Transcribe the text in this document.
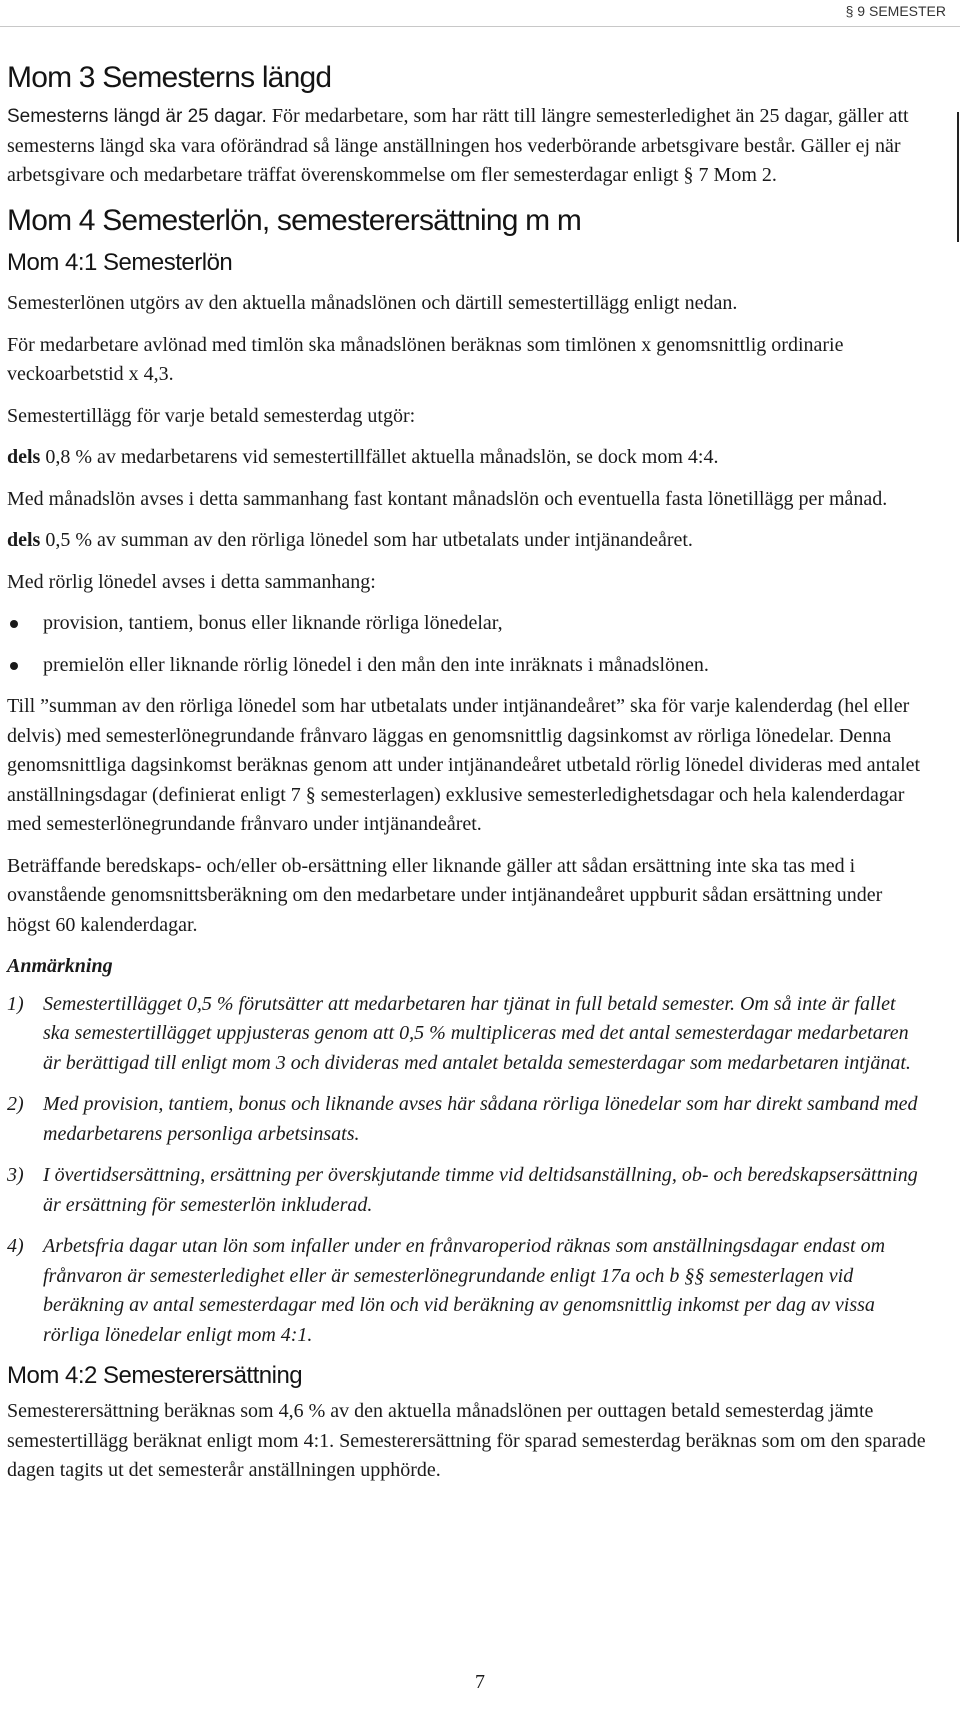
§ 9 SEMESTER
Mom 3 Semesterns längd

Semesterns längd är 25 dagar. För medarbetare, som har rätt till längre semesterledighet än 25 dagar, gäller att semesterns längd ska vara oförändrad så länge anställningen hos vederbörande arbetsgivare består. Gäller ej när arbetsgivare och medarbetare träffat överenskommelse om fler semesterdagar enligt § 7 Mom 2.

Mom 4 Semesterlön, semesterersättning m m
Mom 4:1 Semesterlön

Semesterlönen utgörs av den aktuella månadslönen och därtill semestertillägg enligt nedan.

För medarbetare avlönad med timlön ska månadslönen beräknas som timlönen x genomsnittlig ordinarie veckoarbetstid x 4,3.

Semestertillägg för varje betald semesterdag utgör:

dels 0,8 % av medarbetarens vid semestertillfället aktuella månadslön, se dock mom 4:4.

Med månadslön avses i detta sammanhang fast kontant månadslön och eventuella fasta lönetillägg per månad.

dels 0,5 % av summan av den rörliga lönedel som har utbetalats under intjänandeåret.

Med rörlig lönedel avses i detta sammanhang:

provision, tantiem, bonus eller liknande rörliga lönedelar,
premielön eller liknande rörlig lönedel i den mån den inte inräknats i månadslönen.

Till ”summan av den rörliga lönedel som har utbetalats under intjänandeåret” ska för varje kalenderdag (hel eller delvis) med semesterlönegrundande frånvaro läggas en genomsnittlig dagsinkomst av rörliga lönedelar. Denna genomsnittliga dagsinkomst beräknas genom att under intjänandeåret utbetald rörlig lönedel divideras med antalet anställningsdagar (definierat enligt 7 § semesterlagen) exklusive semesterledighetsdagar och hela kalenderdagar med semesterlönegrundande frånvaro under intjänandeåret.

Beträffande beredskaps- och/eller ob-ersättning eller liknande gäller att sådan ersättning inte ska tas med i ovanstående genomsnittsberäkning om den medarbetare under intjänandeåret uppburit sådan ersättning under högst 60 kalenderdagar.

Anmärkning
1) Semestertillägget 0,5 % förutsätter att medarbetaren har tjänat in full betald semester. Om så inte är fallet ska semestertillägget uppjusteras genom att 0,5 % multipliceras med det antal semesterdagar medarbetaren är berättigad till enligt mom 3 och divideras med antalet betalda semesterdagar som medarbetaren intjänat.
2) Med provision, tantiem, bonus och liknande avses här sådana rörliga lönedelar som har direkt samband med medarbetarens personliga arbetsinsats.
3) I övertidsersättning, ersättning per överskjutande timme vid deltidsanställning, ob- och beredskapsersättning är ersättning för semesterlön inkluderad.
4) Arbetsfria dagar utan lön som infaller under en frånvaroperiod räknas som anställningsdagar endast om frånvaron är semesterledighet eller är semesterlönegrundande enligt 17a och b §§ semesterlagen vid beräkning av antal semesterdagar med lön och vid beräkning av genomsnittlig inkomst per dag av vissa rörliga lönedelar enligt mom 4:1.
Mom 4:2 Semesterersättning

Semesterersättning beräknas som 4,6 % av den aktuella månadslönen per outtagen betald semesterdag jämte semestertillägg beräknat enligt mom 4:1. Semesterersättning för sparad semesterdag beräknas som om den sparade dagen tagits ut det semesterår anställningen upphörde.

7
